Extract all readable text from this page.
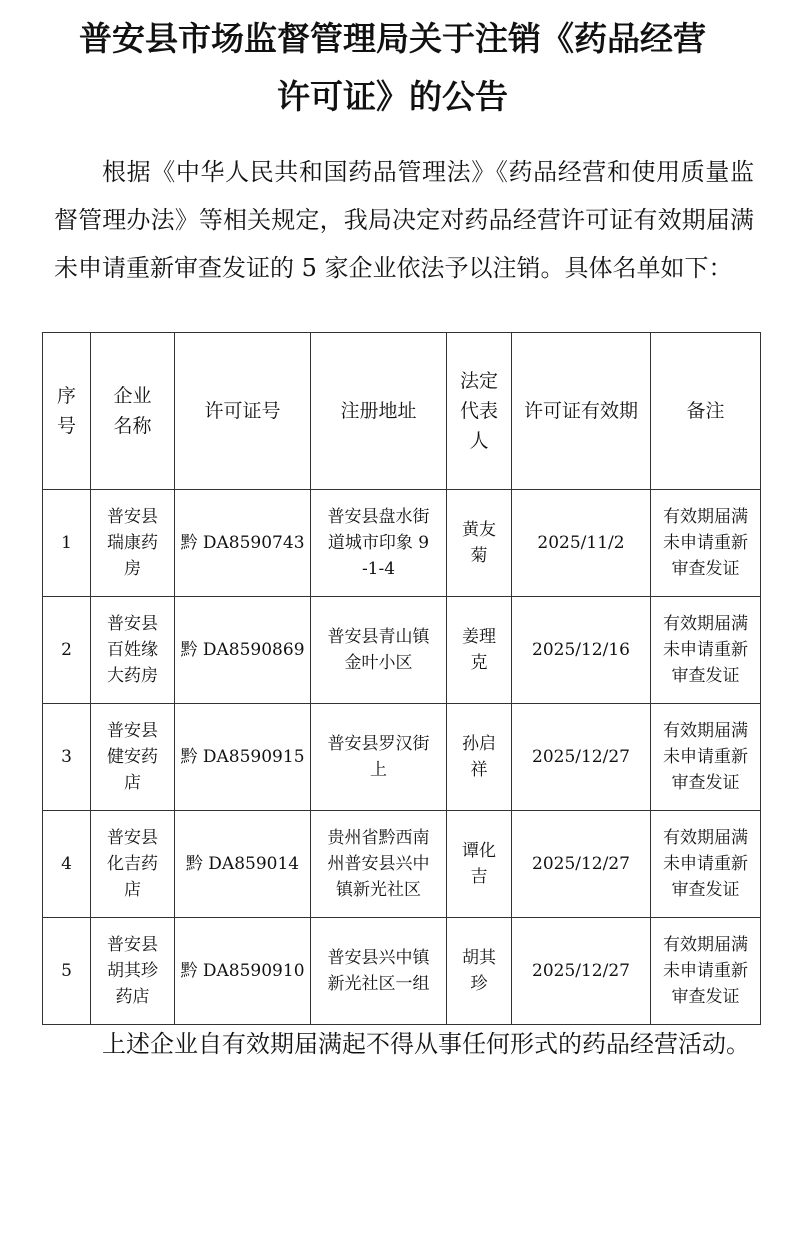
普安县市场监督管理局关于注销《药品经营
许可证》的公告

根据《中华人民共和国药品管理法》《药品经营和使用质量监督管理办法》等相关规定，我局决定对药品经营许可证有效期届满未申请重新审查发证的 5 家企业依法予以注销。具体名单如下：

序号	企业名称	许可证号	注册地址	法定代表人	许可证有效期	备注
1	普安县瑞康药房	黔 DA8590743	普安县盘水街道城市印象 9-1-4	黄友菊	2025/11/2	有效期届满未申请重新审查发证
2	普安县百姓缘大药房	黔 DA8590869	普安县青山镇金叶小区	姜理克	2025/12/16	有效期届满未申请重新审查发证
3	普安县健安药店	黔 DA8590915	普安县罗汉街上	孙启祥	2025/12/27	有效期届满未申请重新审查发证
4	普安县化吉药店	黔 DA859014	贵州省黔西南州普安县兴中镇新光社区	谭化吉	2025/12/27	有效期届满未申请重新审查发证
5	普安县胡其珍药店	黔 DA8590910	普安县兴中镇新光社区一组	胡其珍	2025/12/27	有效期届满未申请重新审查发证

上述企业自有效期届满起不得从事任何形式的药品经营活动。
